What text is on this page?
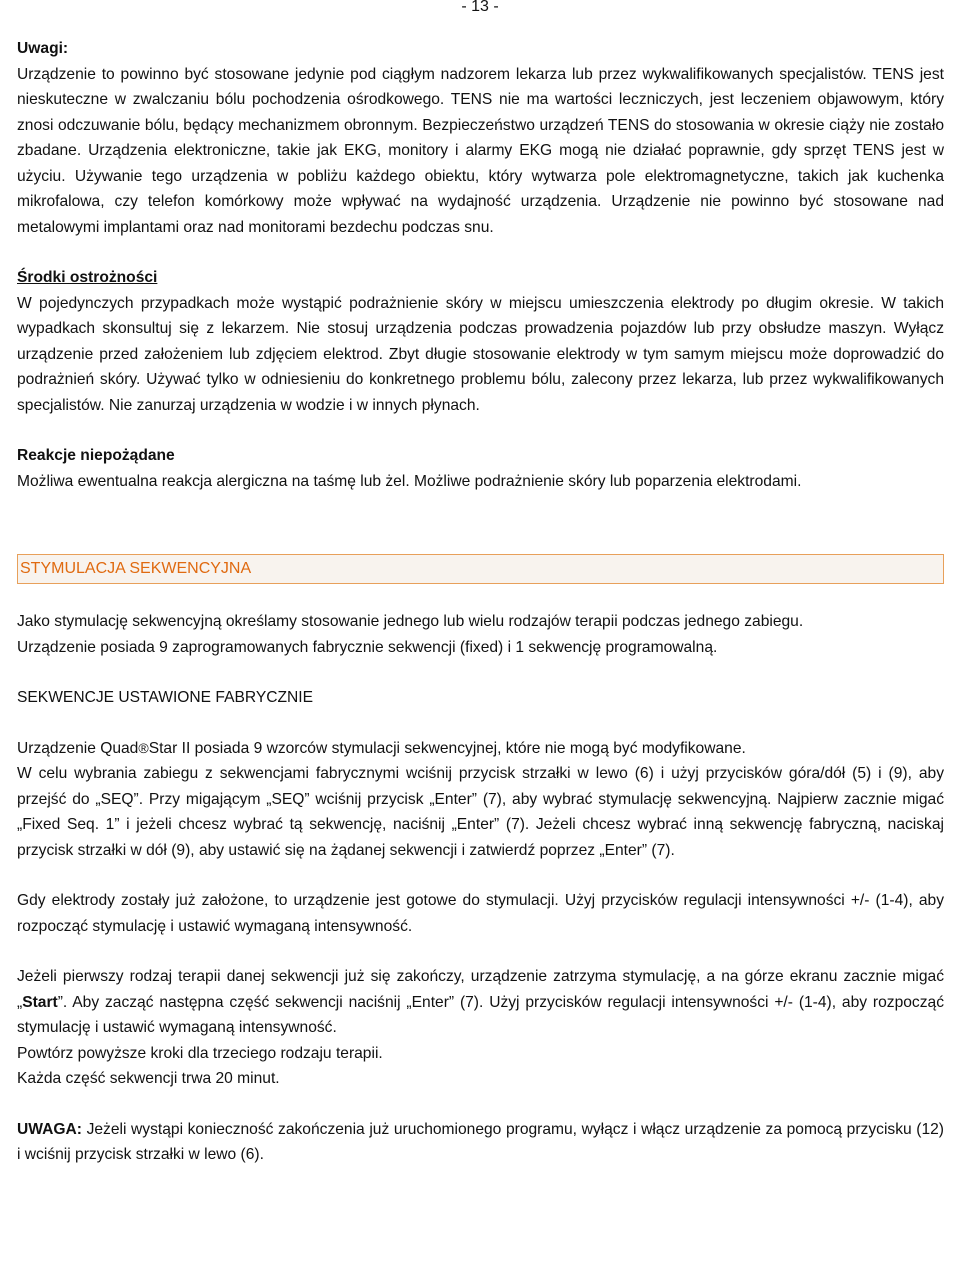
- 13 -

Uwagi:

Urządzenie to powinno być stosowane jedynie pod ciągłym nadzorem lekarza lub przez wykwalifikowanych specjalistów. TENS jest nieskuteczne w zwalczaniu bólu pochodzenia ośrodkowego. TENS nie ma wartości leczniczych, jest leczeniem objawowym, który znosi odczuwanie bólu, będący mechanizmem obronnym. Bezpieczeństwo urządzeń TENS do stosowania w okresie ciąży nie zostało zbadane. Urządzenia elektroniczne, takie jak EKG, monitory i alarmy EKG mogą nie działać poprawnie, gdy sprzęt TENS jest w użyciu. Używanie tego urządzenia w pobliżu każdego obiektu, który wytwarza pole elektromagnetyczne, takich jak kuchenka mikrofalowa, czy telefon komórkowy może wpływać na wydajność urządzenia. Urządzenie nie powinno być stosowane nad metalowymi implantami oraz nad monitorami bezdechu podczas snu.

Środki ostrożności

W pojedynczych przypadkach może wystąpić podrażnienie skóry w miejscu umieszczenia elektrody po długim okresie. W takich wypadkach skonsultuj się z lekarzem. Nie stosuj urządzenia podczas prowadzenia pojazdów lub przy obsłudze maszyn. Wyłącz urządzenie przed założeniem lub zdjęciem elektrod. Zbyt długie stosowanie elektrody w tym samym miejscu może doprowadzić do podrażnień skóry. Używać tylko w odniesieniu do konkretnego problemu bólu, zalecony przez lekarza, lub przez wykwalifikowanych specjalistów. Nie zanurzaj urządzenia w wodzie i w innych płynach.

Reakcje niepożądane

Możliwa ewentualna reakcja alergiczna na taśmę lub żel. Możliwe podrażnienie skóry lub poparzenia elektrodami.

STYMULACJA SEKWENCYJNA

Jako stymulację sekwencyjną określamy stosowanie jednego lub wielu rodzajów terapii podczas jednego zabiegu.

Urządzenie posiada 9 zaprogramowanych fabrycznie sekwencji (fixed) i 1 sekwencję programowalną.

SEKWENCJE USTAWIONE FABRYCZNIE

Urządzenie Quad®Star II posiada 9 wzorców stymulacji sekwencyjnej, które nie mogą być modyfikowane.

W celu wybrania zabiegu z sekwencjami fabrycznymi wciśnij przycisk strzałki w lewo (6) i użyj przycisków góra/dół (5) i (9), aby przejść do „SEQ”. Przy migającym „SEQ” wciśnij przycisk „Enter” (7), aby wybrać stymulację sekwencyjną. Najpierw zacznie migać „Fixed Seq. 1” i jeżeli chcesz wybrać tą sekwencję, naciśnij „Enter” (7). Jeżeli chcesz wybrać inną sekwencję fabryczną, naciskaj przycisk strzałki w dół (9), aby ustawić się na żądanej sekwencji i zatwierdź poprzez „Enter” (7).

Gdy elektrody zostały już założone, to urządzenie jest gotowe do stymulacji. Użyj przycisków regulacji intensywności +/- (1-4), aby rozpocząć stymulację i ustawić wymaganą intensywność.

Jeżeli pierwszy rodzaj terapii danej sekwencji już się zakończy, urządzenie zatrzyma stymulację, a na górze ekranu zacznie migać „Start”. Aby zacząć następna część sekwencji naciśnij „Enter” (7). Użyj przycisków regulacji intensywności +/- (1-4), aby rozpocząć stymulację i ustawić wymaganą intensywność.

Powtórz powyższe kroki dla trzeciego rodzaju terapii.

Każda część sekwencji trwa 20 minut.

UWAGA: Jeżeli wystąpi konieczność zakończenia już uruchomionego programu, wyłącz i włącz urządzenie za pomocą przycisku (12) i wciśnij przycisk strzałki w lewo (6).
